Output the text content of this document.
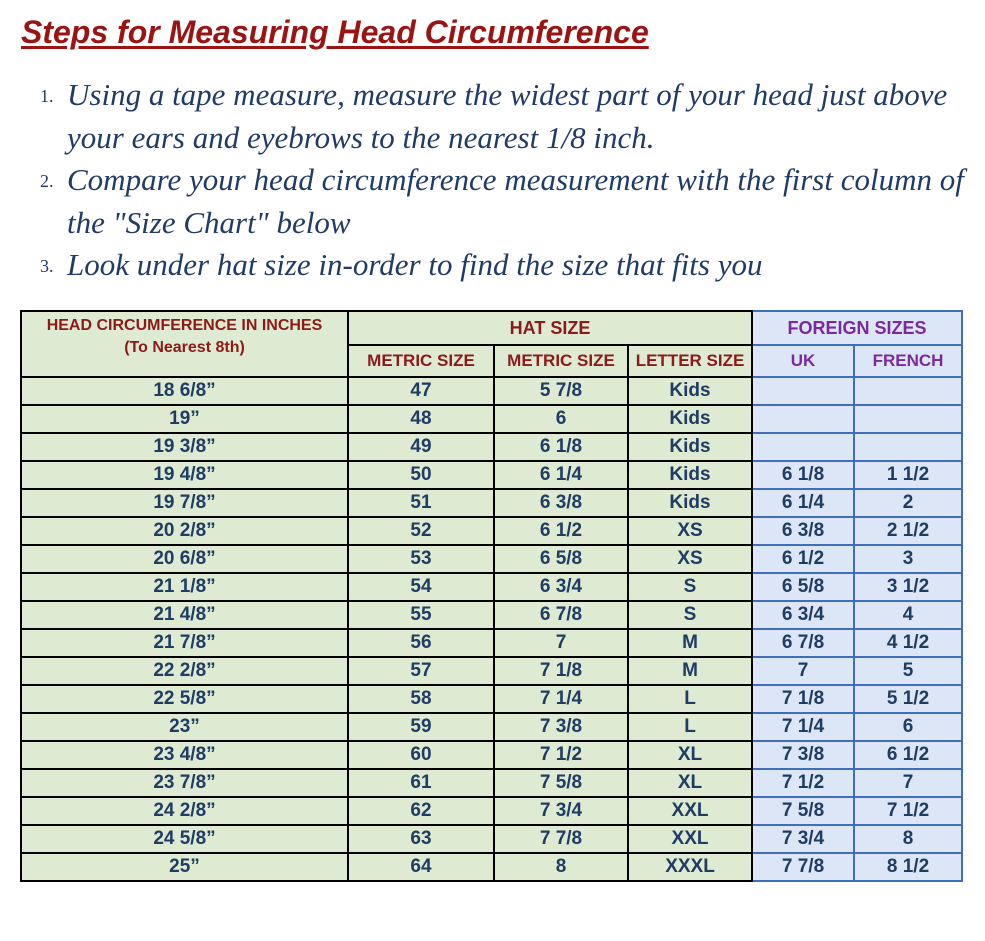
Steps for Measuring Head Circumference
1. Using a tape measure, measure the widest part of your head just above your ears and eyebrows to the nearest 1/8 inch.
2. Compare your head circumference measurement with the first column of the "Size Chart" below
3. Look under hat size in-order to find the size that fits you
HEAD CIRCUMFERENCE IN INCHES
(To Nearest 8th)	HAT SIZE			FOREIGN SIZES	
	METRIC SIZE	METRIC SIZE	LETTER SIZE	UK	FRENCH
18 6/8”	47	5 7/8	Kids		
19”	48	6	Kids		
19 3/8”	49	6 1/8	Kids		
19 4/8”	50	6 1/4	Kids	6 1/8	1 1/2
19 7/8”	51	6 3/8	Kids	6 1/4	2
20 2/8”	52	6 1/2	XS	6 3/8	2 1/2
20 6/8”	53	6 5/8	XS	6 1/2	3
21 1/8”	54	6 3/4	S	6 5/8	3 1/2
21 4/8”	55	6 7/8	S	6 3/4	4
21 7/8”	56	7	M	6 7/8	4 1/2
22 2/8”	57	7 1/8	M	7	5
22 5/8”	58	7 1/4	L	7 1/8	5 1/2
23”	59	7 3/8	L	7 1/4	6
23 4/8”	60	7 1/2	XL	7 3/8	6 1/2
23 7/8”	61	7 5/8	XL	7 1/2	7
24 2/8”	62	7 3/4	XXL	7 5/8	7 1/2
24 5/8”	63	7 7/8	XXL	7 3/4	8
25”	64	8	XXXL	7 7/8	8 1/2
